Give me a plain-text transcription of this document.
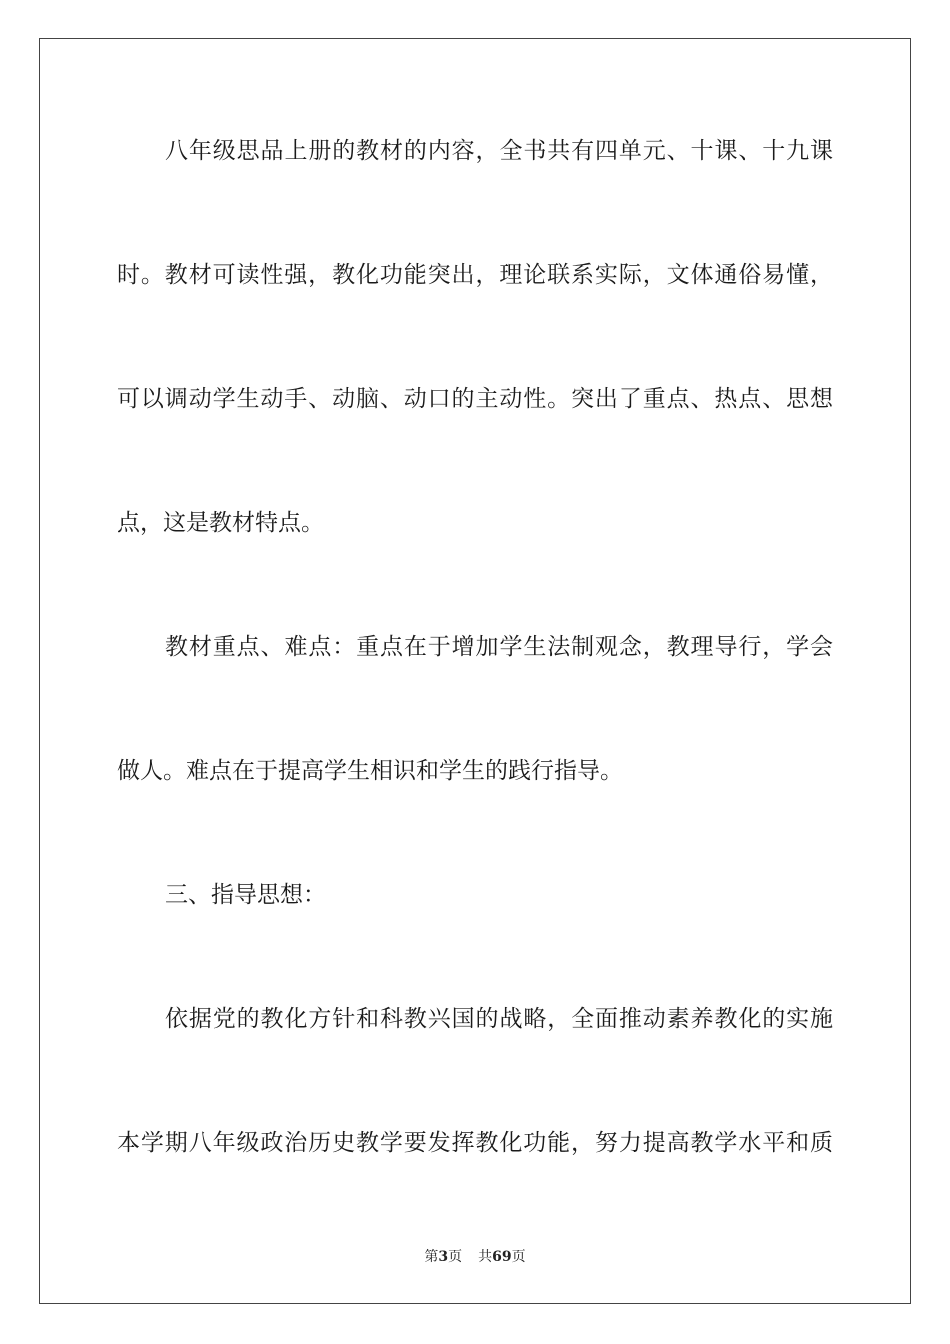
八年级思品上册的教材的内容，全书共有四单元、十课、十九课

时。教材可读性强，教化功能突出，理论联系实际，文体通俗易懂，

可以调动学生动手、动脑、动口的主动性。突出了重点、热点、思想

点，这是教材特点。

教材重点、难点：重点在于增加学生法制观念，教理导行，学会

做人。难点在于提高学生相识和学生的践行指导。

三、指导思想：

依据党的教化方针和科教兴国的战略，全面推动素养教化的实施

本学期八年级政治历史教学要发挥教化功能，努力提高教学水平和质

第3页 共69页
